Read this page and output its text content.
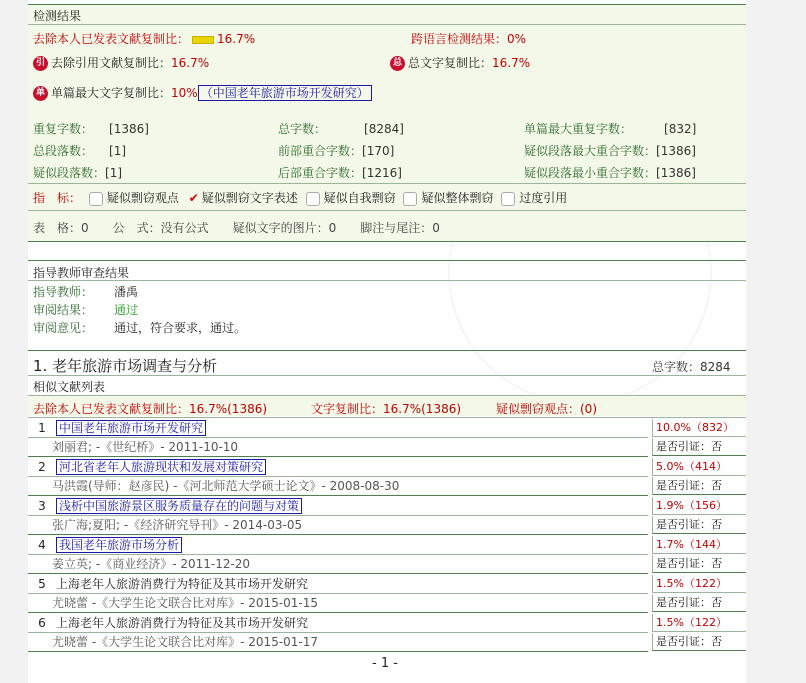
检测结果
去除本人已发表文献复制比： 16.7%	跨语言检测结果：0%
引 去除引用文献复制比：16.7%	总 总文字复制比：16.7%
单 单篇最大文字复制比：10% （中国老年旅游市场开发研究）
重复字数： [1386]	总字数：	[8284]	单篇最大重复字数：	[832]
总段落数： [1]	前部重合字数：[170]	疑似段落最大重合字数：[1386]
疑似段落数：[1]	后部重合字数：[1216]	疑似段落最小重合字数：[1386]
指　标： 疑似剽窃观点 ✔ 疑似剽窃文字表述 疑似自我剽窃 疑似整体剽窃 过度引用
表　格：0　　公　式：没有公式　　疑似文字的图片：0　　脚注与尾注：0
指导教师审查结果
指导教师： 潘禹
审阅结果： 通过
审阅意见： 通过，符合要求，通过。
1. 老年旅游市场调查与分析	总字数：8284
相似文献列表
去除本人已发表文献复制比：16.7%(1386)	文字复制比：16.7%(1386)	疑似剽窃观点：(0)
1 中国老年旅游市场开发研究	10.0%（832）
刘丽君; -《世纪桥》- 2011-10-10	是否引证：否
2 河北省老年人旅游现状和发展对策研究	5.0%（414）
马洪霞(导师：赵彦民) -《河北师范大学硕士论文》- 2008-08-30	是否引证：否
3 浅析中国旅游景区服务质量存在的问题与对策	1.9%（156）
张广海;夏阳; -《经济研究导刊》- 2014-03-05	是否引证：否
4 我国老年旅游市场分析	1.7%（144）
姜立英; -《商业经济》- 2011-12-20	是否引证：否
5 上海老年人旅游消费行为特征及其市场开发研究	1.5%（122）
尤晓蕾 -《大学生论文联合比对库》- 2015-01-15	是否引证：否
6 上海老年人旅游消费行为特征及其市场开发研究	1.5%（122）
尤晓蕾 -《大学生论文联合比对库》- 2015-01-17	是否引证：否
- 1 -
